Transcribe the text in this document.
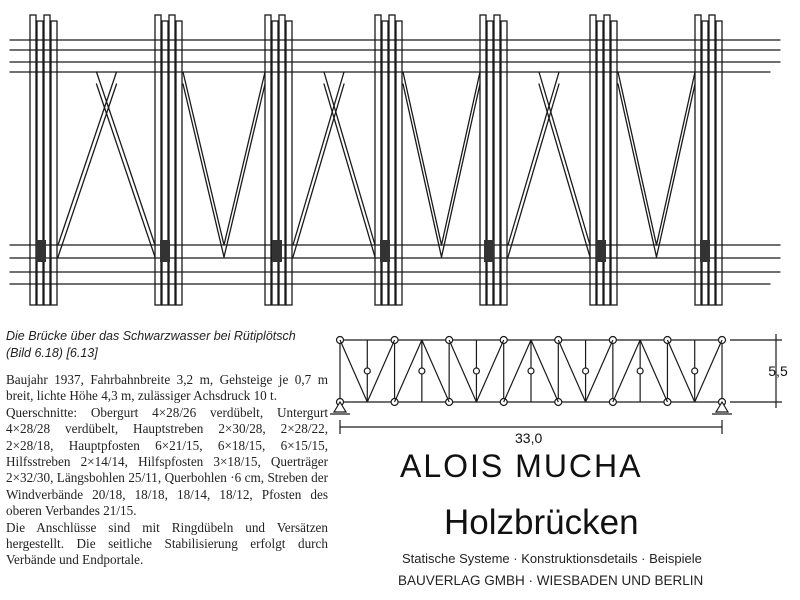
Die Brücke über das Schwarzwasser bei Rütiplötsch
(Bild 6.18) [6.13]

Baujahr 1937, Fahrbahnbreite 3,2 m, Gehsteige je 0,7 m breit, lichte Höhe 4,3 m, zulässiger Achsdruck 10 t.

Querschnitte: Obergurt 4×28/26 verdübelt, Untergurt 4×28/28 verdübelt, Hauptstreben 2×30/28, 2×28/22, 2×28/18, Hauptpfosten 6×21/15, 6×18/15, 6×15/15, Hilfsstreben 2×14/14, Hilfspfosten 3×18/15, Querträger 2×32/30, Längsbohlen 25/11, Querbohlen ·6 cm, Streben der Windverbände 20/18, 18/18, 18/14, 18/12, Pfosten des oberen Verbandes 21/15.

Die Anschlüsse sind mit Ringdübeln und Versätzen hergestellt. Die seitliche Stabilisierung erfolgt durch Verbände und Endportale.

33,0
5,5
ALOIS MUCHA
Holzbrücken
Statische Systeme · Konstruktionsdetails · Beispiele
BAUVERLAG GMBH · WIESBADEN UND BERLIN
